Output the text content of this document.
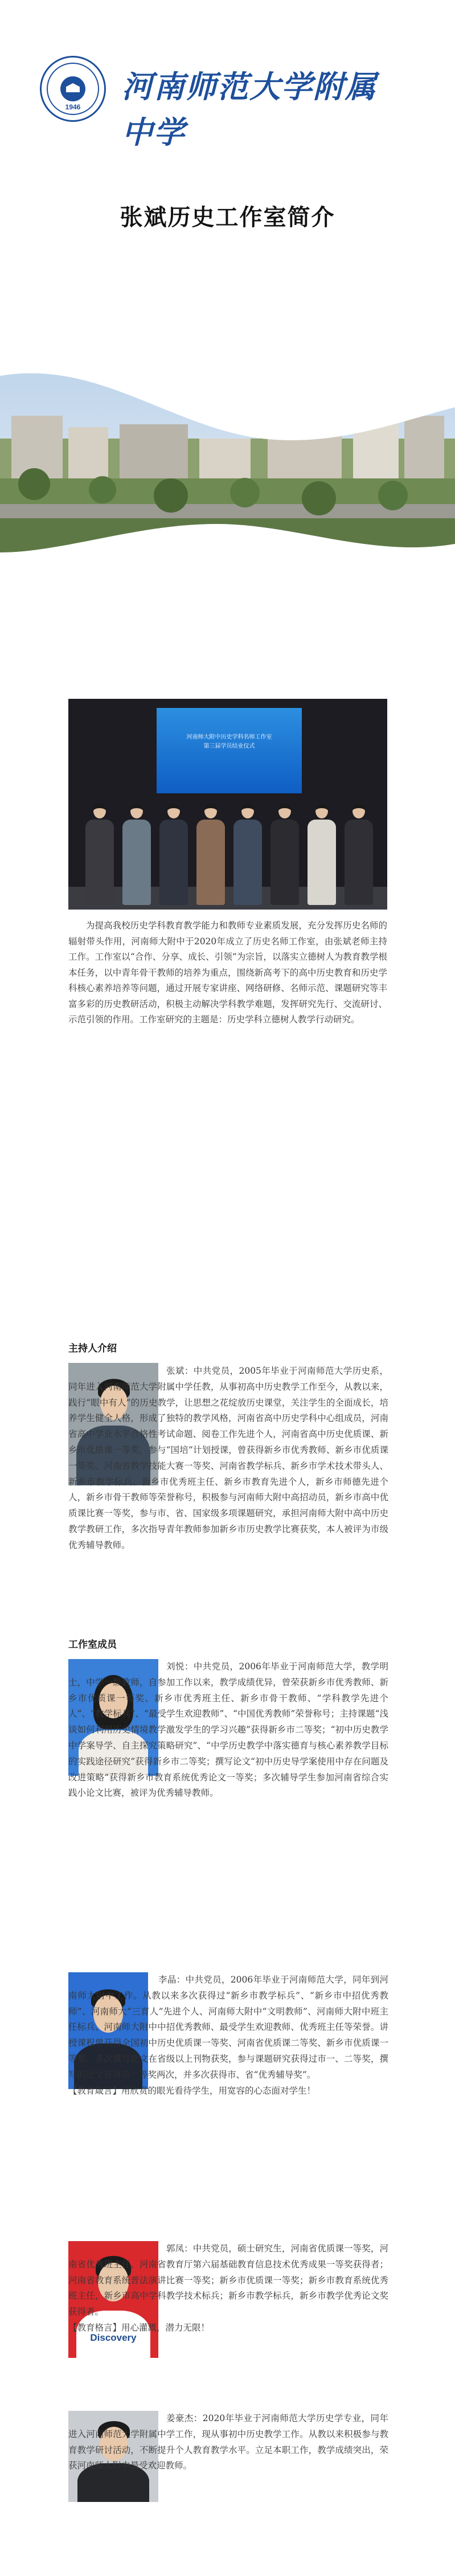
1946
河南师范大学附属中学
张斌历史工作室简介
河南师大附中历史学科名师工作室
第三届学员结业仪式
为提高我校历史学科教育教学能力和教师专业素质发展，充分发挥历史名师的辐射带头作用，河南师大附中于2020年成立了历史名师工作室，由张斌老师主持工作。工作室以“合作、分享、成长、引领”为宗旨，以落实立德树人为教育教学根本任务，以中青年骨干教师的培养为重点，围绕新高考下的高中历史教育和历史学科核心素养培养等问题，通过开展专家讲座、网络研修、名师示范、课题研究等丰富多彩的历史教研活动，积极主动解决学科教学难题，发挥研究先行、交流研讨、示范引领的作用。工作室研究的主题是：历史学科立德树人教学行动研究。
主持人介绍
张斌：中共党员，2005年毕业于河南师范大学历史系，同年进入河南师范大学附属中学任教，从事初高中历史教学工作至今，从教以来，践行“眼中有人”的历史教学，让思想之花绽放历史课堂，关注学生的全面成长，培养学生健全人格，形成了独特的教学风格，河南省高中历史学科中心组成员，河南省高中学业水平合格性考试命题、阅卷工作先进个人，河南省高中历史优质课、新乡市优质课一等奖，参与“国培”计划授课，曾获得新乡市优秀教师、新乡市优质课一等奖、河南省教学技能大赛一等奖、河南省教学标兵、新乡市学术技术带头人、新乡市教学标兵、新乡市优秀班主任、新乡市教育先进个人，新乡市师德先进个人，新乡市骨干教师等荣誉称号，积极参与河南师大附中高招动员，新乡市高中优质课比赛一等奖，参与市、省、国家级多项课题研究，承担河南师大附中高中历史教学教研工作，多次指导青年教师参加新乡市历史教学比赛获奖，本人被评为市级优秀辅导教师。
工作室成员
刘悦：中共党员，2006年毕业于河南师范大学，教学明士，中学一级教师，自参加工作以来，教学成绩优异，曾荣获新乡市优秀教师、新乡市优质课一等奖、新乡市优秀班主任、新乡市骨干教师、“学科教学先进个人”、“教学标兵”、“最受学生欢迎教师”、“中国优秀教师”荣誉称号；主持课题“浅谈如何利用历史情境教学激发学生的学习兴趣”获得新乡市二等奖；“初中历史教学中学案导学、自主探究策略研究”、“中学历史教学中落实德育与核心素养教学目标的实践途径研究”获得新乡市二等奖；撰写论文“初中历史导学案使用中存在问题及改进策略”获得新乡市教育系统优秀论文一等奖；多次辅导学生参加河南省综合实践小论文比赛，被评为优秀辅导教师。
李晶：中共党员，2006年毕业于河南师范大学，同年到河南师大附中工作。从教以来多次获得过“新乡市教学标兵”、“新乡市中招优秀教师”、河南师大“三育人”先进个人、河南师大附中“文明教师”、河南师大附中班主任标兵、河南师大附中中招优秀教师、最受学生欢迎教师、优秀班主任等荣誉。讲授课程曾获得全国初中历史优质课一等奖、河南省优质课二等奖、新乡市优质课一等奖。多次撰写论文在省级以上刊物获奖，参与课题研究获得过市一、二等奖，撰写的论文获得市一等奖两次，并多次获得市、省“优秀辅导奖”。
【教育箴言】用欣赏的眼光看待学生，用宽容的心态面对学生！
Discovery
郭凤：中共党员，硕士研究生，河南省优质课一等奖，河南省优秀班主任，河南省教育厅第六届基础教育信息技术优秀成果一等奖获得者；河南省教育系统普法演讲比赛一等奖；新乡市优质课一等奖；新乡市教育系统优秀班主任，新乡市高中学科教学技术标兵；新乡市教学标兵，新乡市教学优秀论文奖获得者。
【教育格言】用心灌溉，潜力无限！
姜豪杰：2020年毕业于河南师范大学历史学专业，同年进入河南师范大学附属中学工作，现从事初中历史教学工作。从教以来积极参与教育教学研讨活动，不断提升个人教育教学水平。立足本职工作，教学成绩突出，荣获河南师大附中最受欢迎教师。
